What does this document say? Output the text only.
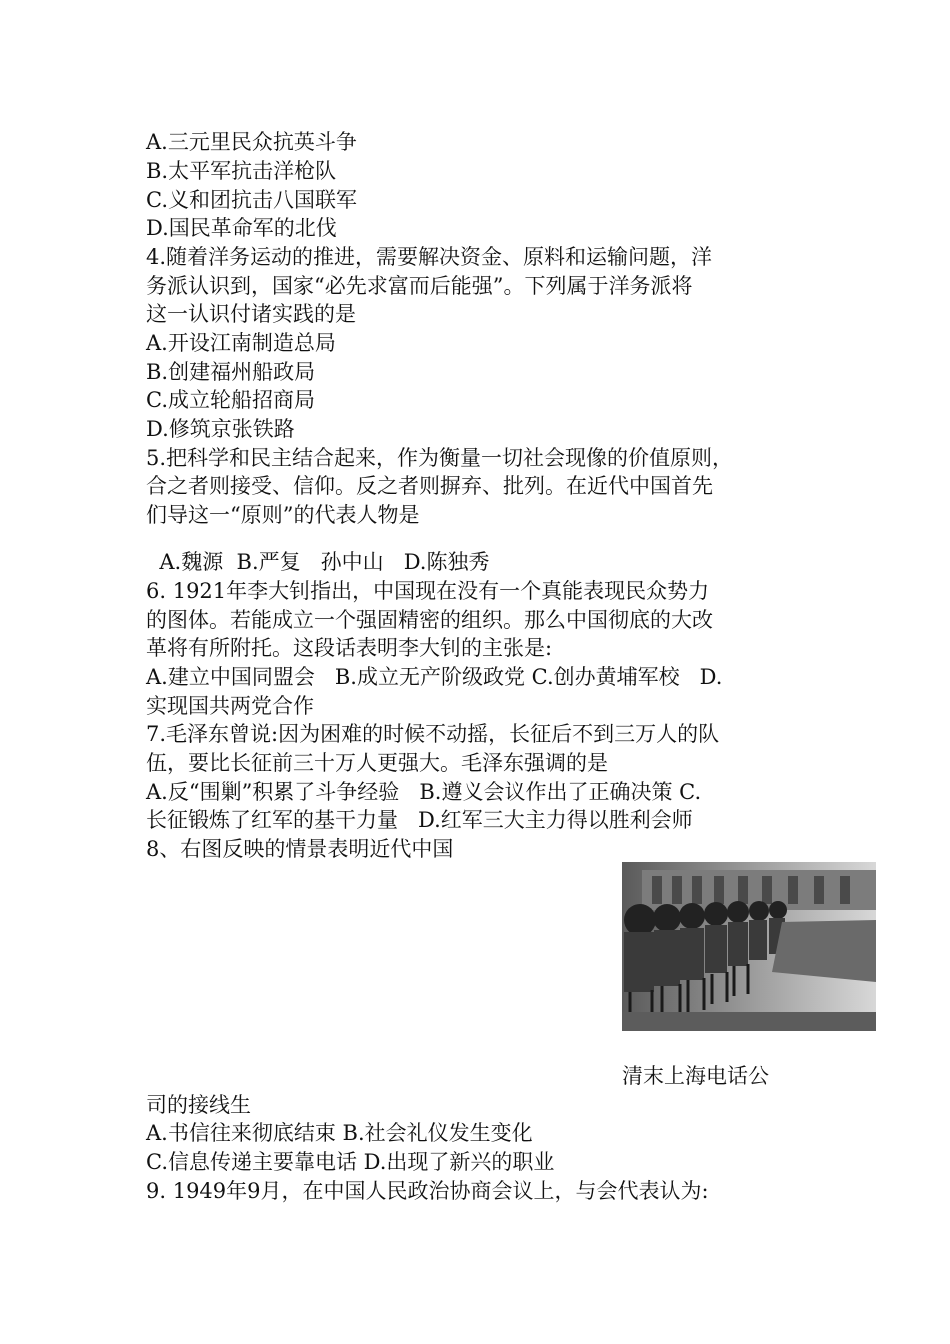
A.三元里民众抗英斗争
B.太平军抗击洋枪队
C.义和团抗击八国联军
D.国民革命军的北伐
4.随着洋务运动的推进，需要解决资金、原料和运输问题，洋
务派认识到，国家“必先求富而后能强”。下列属于洋务派将
这一认识付诸实践的是
A.开设江南制造总局
B.创建福州船政局
C.成立轮船招商局
D.修筑京张铁路
5.把科学和民主结合起来，作为衡量一切社会现像的价值原则，
合之者则接受、信仰。反之者则摒弃、批列。在近代中国首先
们导这一“原则”的代表人物是
A.魏源  B.严复   孙中山   D.陈独秀
6. 1921年李大钊指出，中国现在没有一个真能表现民众势力
的图体。若能成立一个强固精密的组织。那么中国彻底的大改
革将有所附托。这段话表明李大钊的主张是:
A.建立中国同盟会   B.成立无产阶级政党 C.创办黄埔军校   D.
实现国共两党合作
7.毛泽东曾说:因为困难的时候不动摇，长征后不到三万人的队
伍，要比长征前三十万人更强大。毛泽东强调的是
A.反“围剿”积累了斗争经验   B.遵义会议作出了正确决策 C.
长征锻炼了红军的基干力量   D.红军三大主力得以胜利会师
8、右图反映的情景表明近代中国
清末上海电话公
司的接线生
A.书信往来彻底结束 B.社会礼仪发生变化
C.信息传递主要靠电话 D.出现了新兴的职业
9. 1949年9月，在中国人民政治协商会议上，与会代表认为:
